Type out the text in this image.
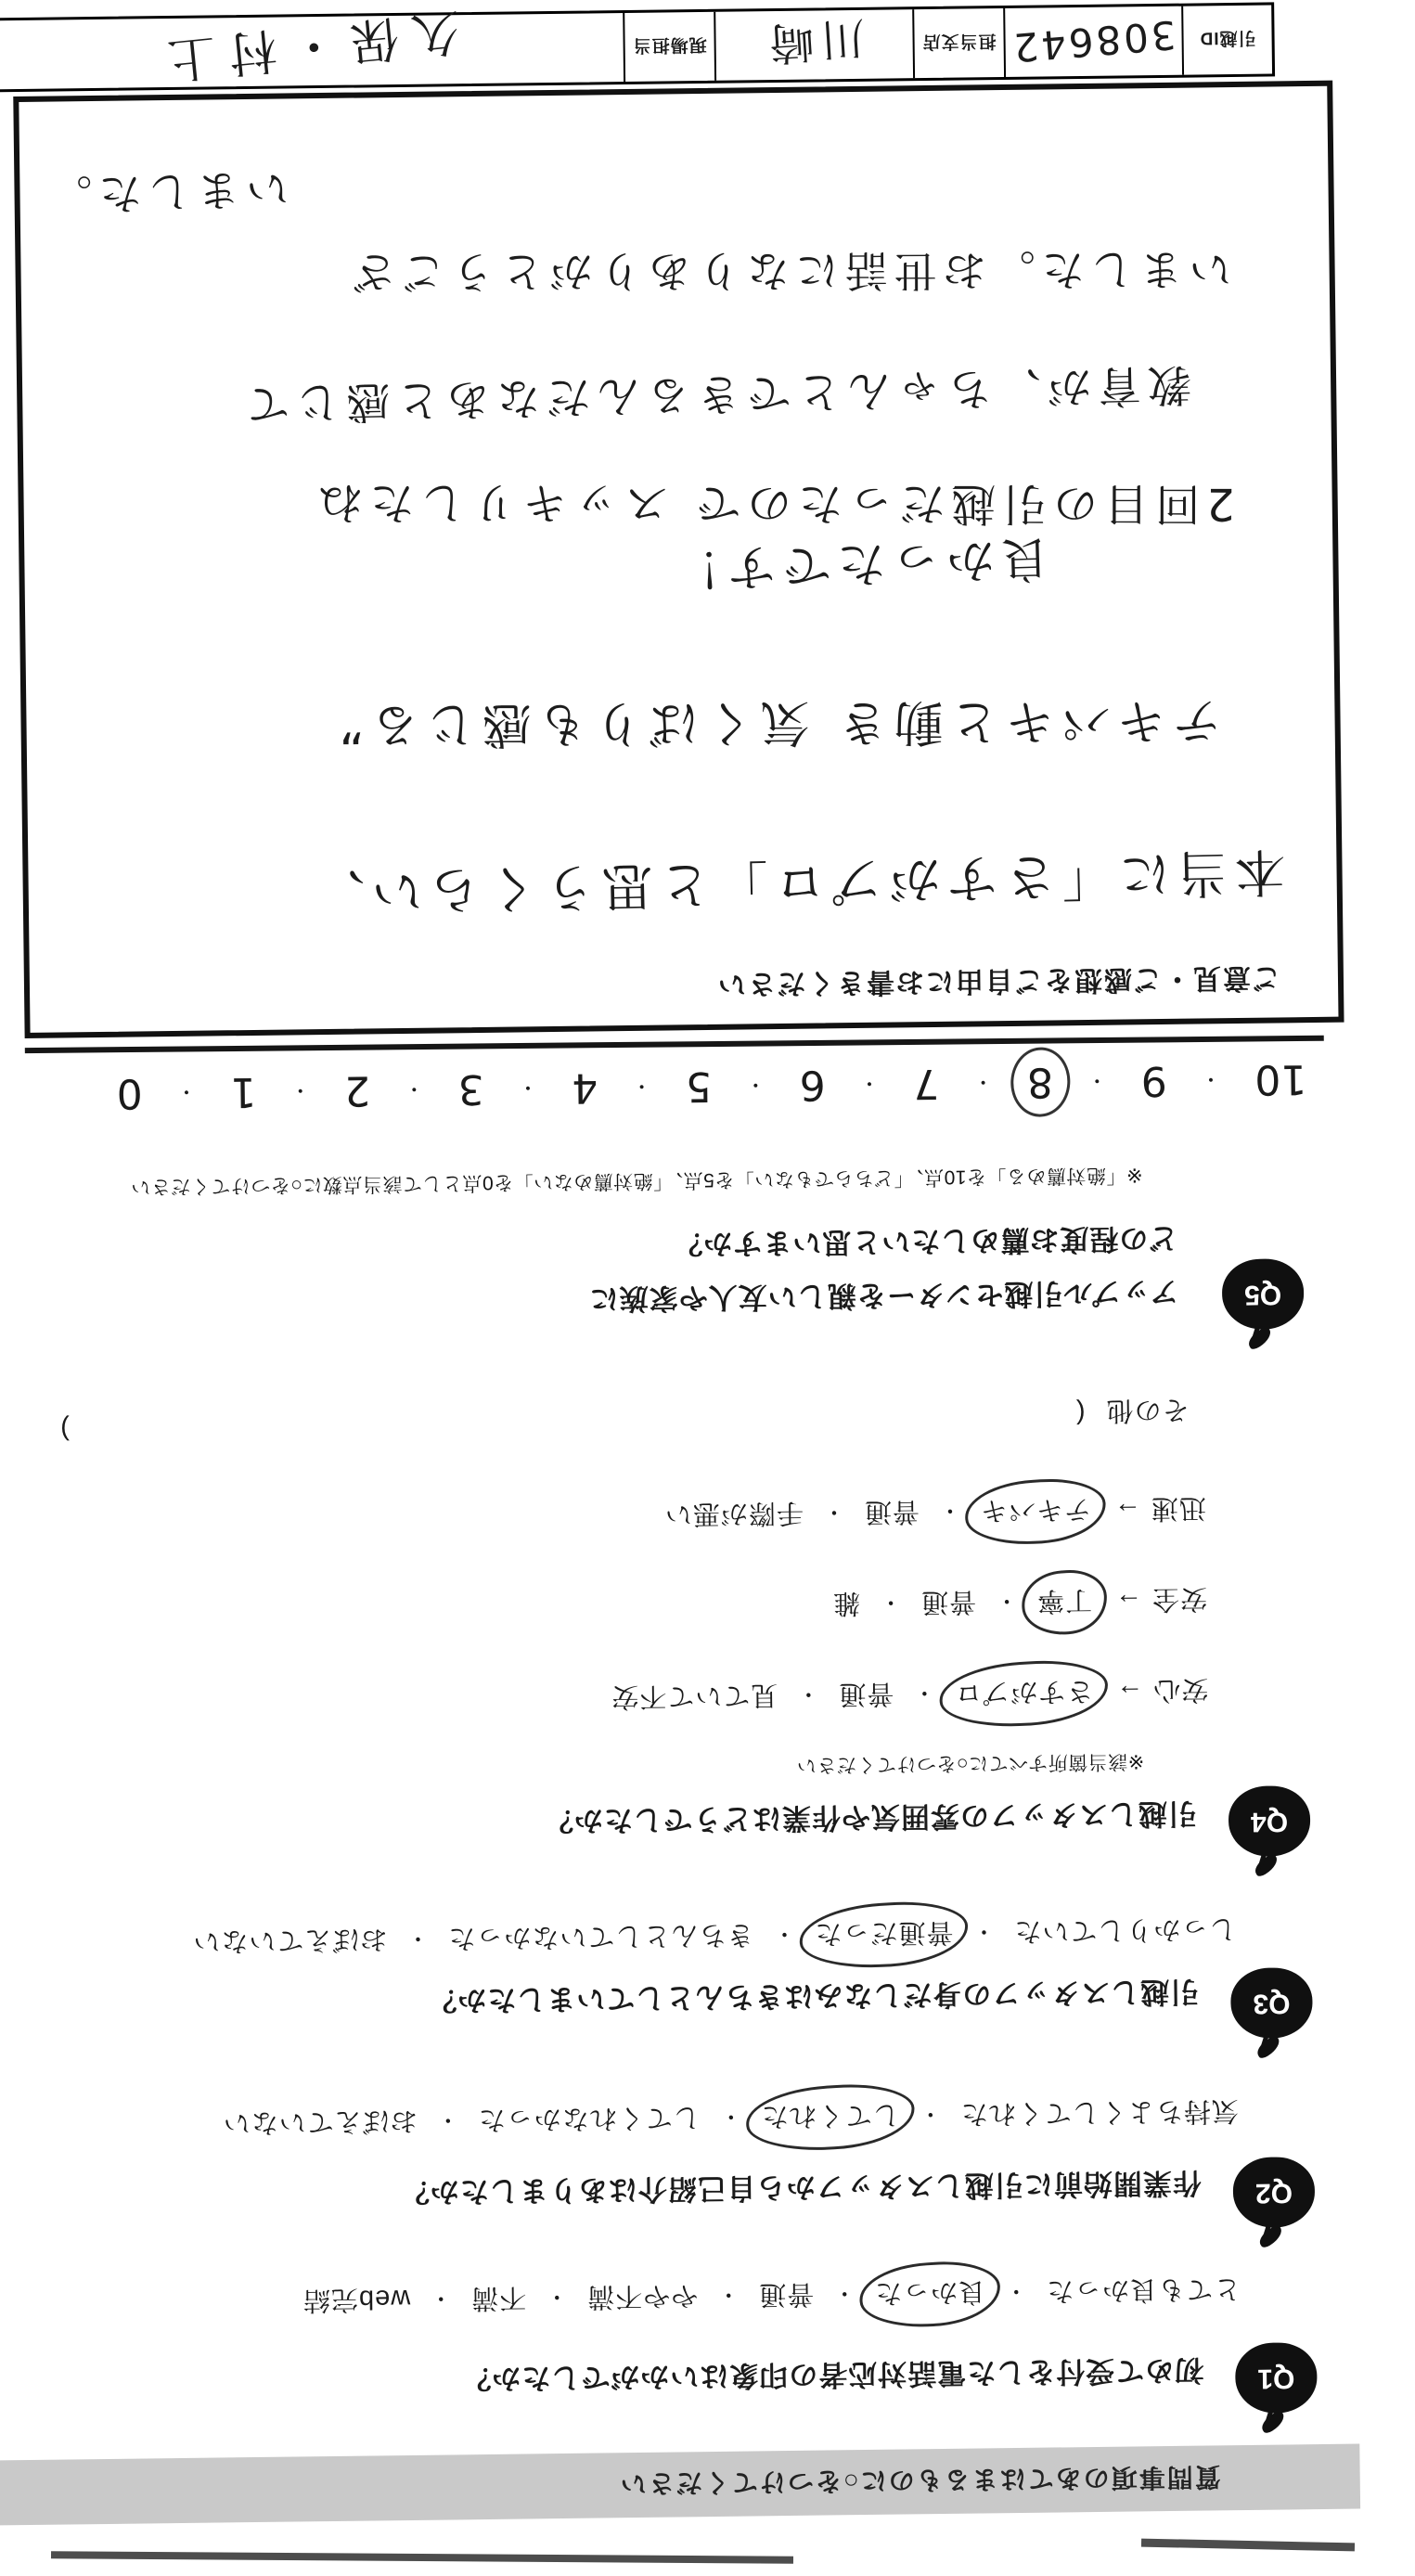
質問事項のあてはまるものに○をつけてください
Q1
初めて受付をした電話対応者の印象はいかがでしたか？
とても良かった
・
良かった
・
普通
・
やや不満
・
不満
・
web完結
Q2
作業開始前に引越しスタッフから自己紹介はありましたか？
気持ちよくしてくれた
・
してくれた
・
してくれなかった
・
おぼえていない
Q3
引越しスタッフの身だしなみはきちんとしていましたか？
しっかりしていた
・
普通だった
・
きちんとしていなかった
・
おぼえていない
Q4
引越しスタッフの雰囲気や作業はどうでしたか？
※該当箇所すべてに○をつけてください
安心
→
さすがプロ
・
普通
・
見ていて不安
安全
→
丁寧
・
普通
・
雑
迅速
→
テキパキ
・
普通
・
手際が悪い
その他
(
)
Q5
アップル引越センターを親しい友人や家族に
どの程度お薦めしたいと思いますか？
※「絶対薦める」を10点、「どちらでもない」を5点、「絶対薦めない」を0点として該当点数に○をつけてください
10
・
9
・
8
・
7
・
6
・
5
・
4
・
3
・
2
・
1
・
0
ご意見・ご感想をご自由にお書きください
本当に「さすがプロ」と思うくらい、
テキパキと動き 気くばりも感じる”
良かったです！
2回目の引越だったので スッキリしたね
教育が、ちゃんとできるんだなあと感じて
いました。お世話になりありがとうござ
いました。
引越ID
308642
担当支店
川崎
現場担当
久保・村上
